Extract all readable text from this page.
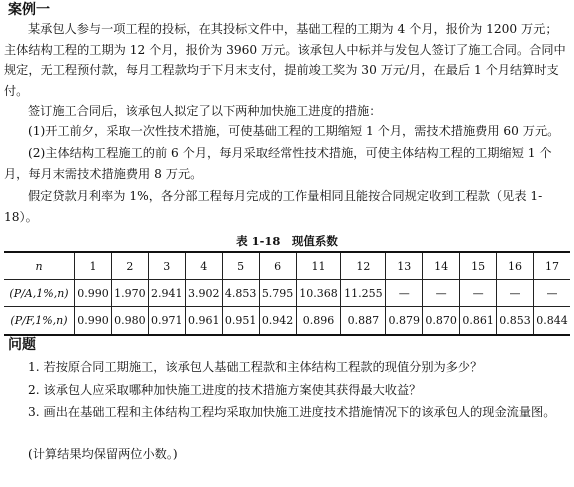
案例一
某承包人参与一项工程的投标，在其投标文件中，基础工程的工期为 4 个月，报价为 1200 万元；主体结构工程的工期为 12 个月，报价为 3960 万元。该承包人中标并与发包人签订了施工合同。合同中规定，无工程预付款，每月工程款均于下月末支付，提前竣工奖为 30 万元/月，在最后 1 个月结算时支付。
签订施工合同后，该承包人拟定了以下两种加快施工进度的措施：
(1)开工前夕，采取一次性技术措施，可使基础工程的工期缩短 1 个月，需技术措施费用 60 万元。
(2)主体结构工程施工的前 6 个月，每月采取经常性技术措施，可使主体结构工程的工期缩短 1 个月，每月末需技术措施费用 8 万元。
假定贷款月利率为 1%，各分部工程每月完成的工作量相同且能按合同规定收到工程款（见表 1-18）。
表 1-18　现值系数
n	1	2	3	4	5	6	11	12	13	14	15	16	17
(P/A,1%,n)	0.990	1.970	2.941	3.902	4.853	5.795	10.368	11.255	—	—	—	—	—
(P/F,1%,n)	0.990	0.980	0.971	0.961	0.951	0.942	0.896	0.887	0.879	0.870	0.861	0.853	0.844
问题
1. 若按原合同工期施工，该承包人基础工程款和主体结构工程款的现值分别为多少？
2. 该承包人应采取哪种加快施工进度的技术措施方案使其获得最大收益？
3. 画出在基础工程和主体结构工程均采取加快施工进度技术措施情况下的该承包人的现金流量图。
(计算结果均保留两位小数。)
